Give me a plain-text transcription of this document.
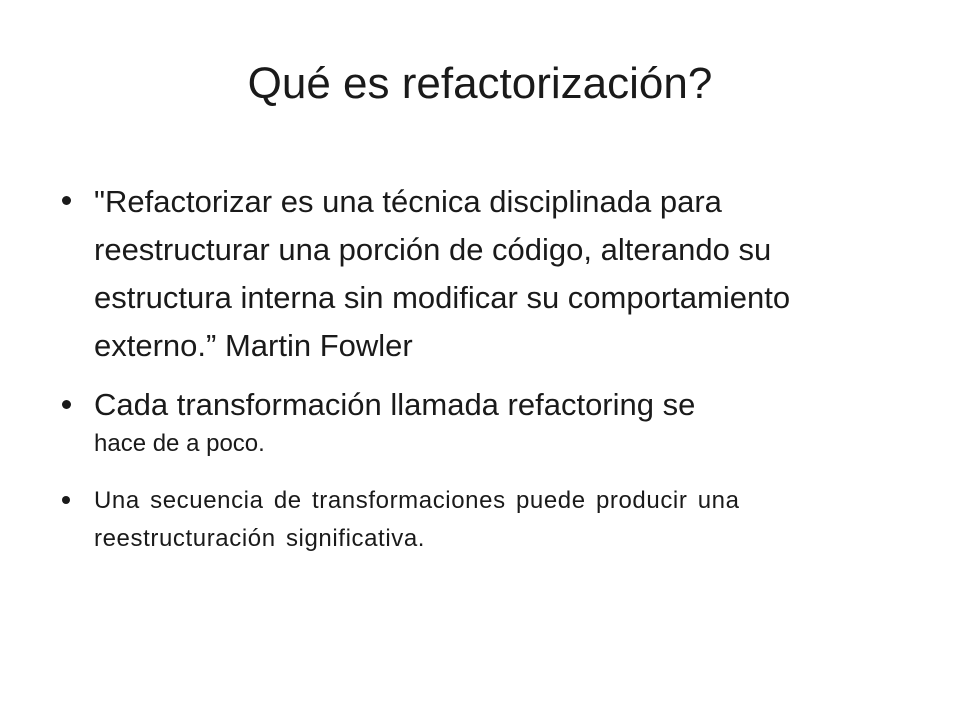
Qué es refactorización?
"Refactorizar es una técnica disciplinada para reestructurar una porción de código, alterando su estructura interna sin modificar su comportamiento externo.” Martin Fowler
Cada transformación llamada refactoring se
hace de a poco.
Una secuencia de transformaciones puede producir una reestructuración significativa.
